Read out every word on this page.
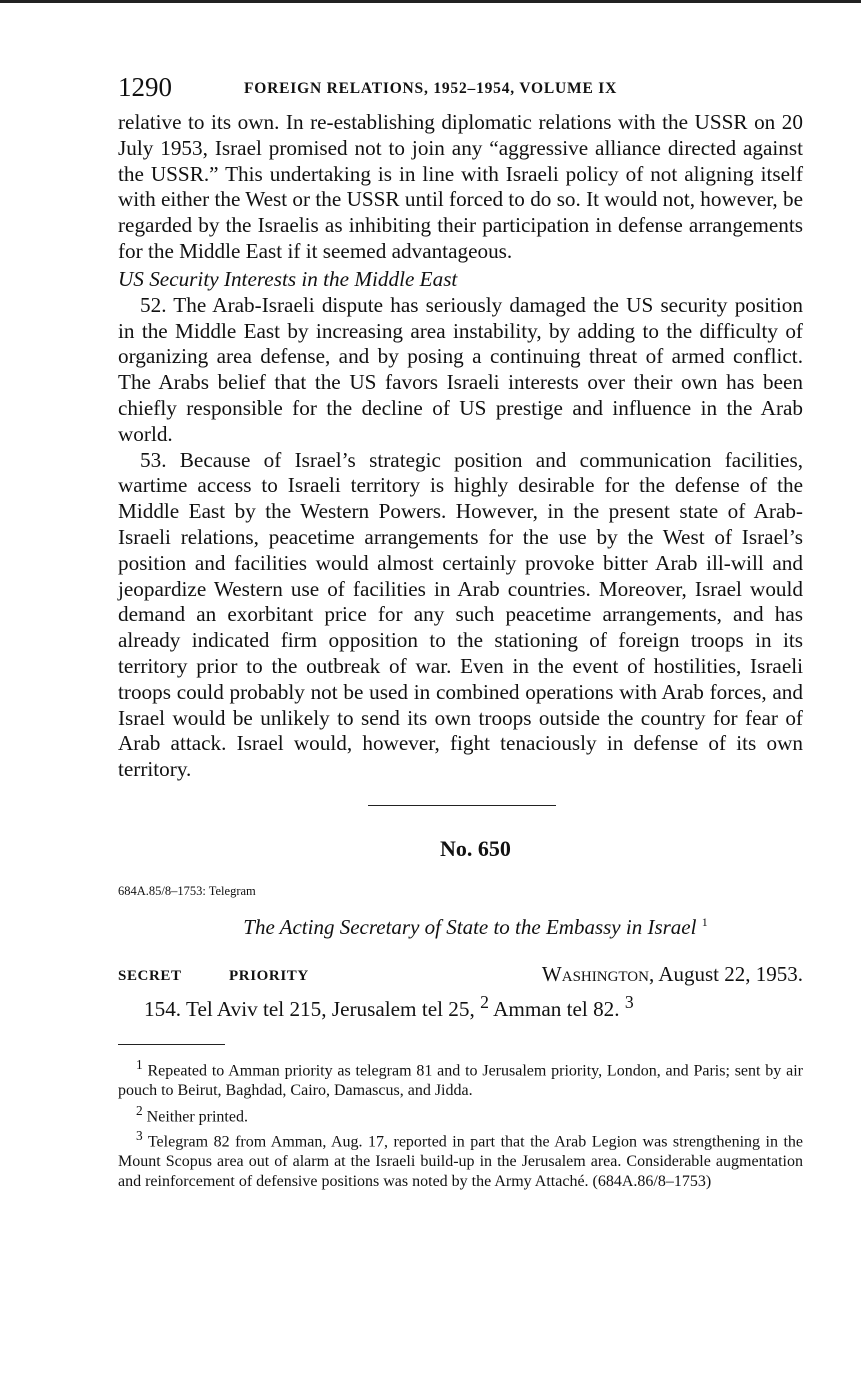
1290	FOREIGN RELATIONS, 1952–1954, VOLUME IX

relative to its own. In re-establishing diplomatic relations with the USSR on 20 July 1953, Israel promised not to join any “aggressive alliance directed against the USSR.” This undertaking is in line with Israeli policy of not aligning itself with either the West or the USSR until forced to do so. It would not, however, be regarded by the Israelis as inhibiting their participation in defense arrangements for the Middle East if it seemed advantageous.

US Security Interests in the Middle East

52. The Arab-Israeli dispute has seriously damaged the US security position in the Middle East by increasing area instability, by adding to the difficulty of organizing area defense, and by posing a continuing threat of armed conflict. The Arabs belief that the US favors Israeli interests over their own has been chiefly responsible for the decline of US prestige and influence in the Arab world.

53. Because of Israel’s strategic position and communication facilities, wartime access to Israeli territory is highly desirable for the defense of the Middle East by the Western Powers. However, in the present state of Arab-Israeli relations, peacetime arrangements for the use by the West of Israel’s position and facilities would almost certainly provoke bitter Arab ill-will and jeopardize Western use of facilities in Arab countries. Moreover, Israel would demand an exorbitant price for any such peacetime arrangements, and has already indicated firm opposition to the stationing of foreign troops in its territory prior to the outbreak of war. Even in the event of hostilities, Israeli troops could probably not be used in combined operations with Arab forces, and Israel would be unlikely to send its own troops outside the country for fear of Arab attack. Israel would, however, fight tenaciously in defense of its own territory.

No. 650
684A.85/8–1753: Telegram
The Acting Secretary of State to the Embassy in Israel $^1$
SECRET	PRIORITY	Washington, August 22, 1953.
154. Tel Aviv tel 215, Jerusalem tel 25, $^2$ Amman tel 82. $^3$

$^1$ Repeated to Amman priority as telegram 81 and to Jerusalem priority, London, and Paris; sent by air pouch to Beirut, Baghdad, Cairo, Damascus, and Jidda.

$^2$ Neither printed.

$^3$ Telegram 82 from Amman, Aug. 17, reported in part that the Arab Legion was strengthening in the Mount Scopus area out of alarm at the Israeli build-up in the Jerusalem area. Considerable augmentation and reinforcement of defensive positions was noted by the Army Attaché. (684A.86/8–1753)
